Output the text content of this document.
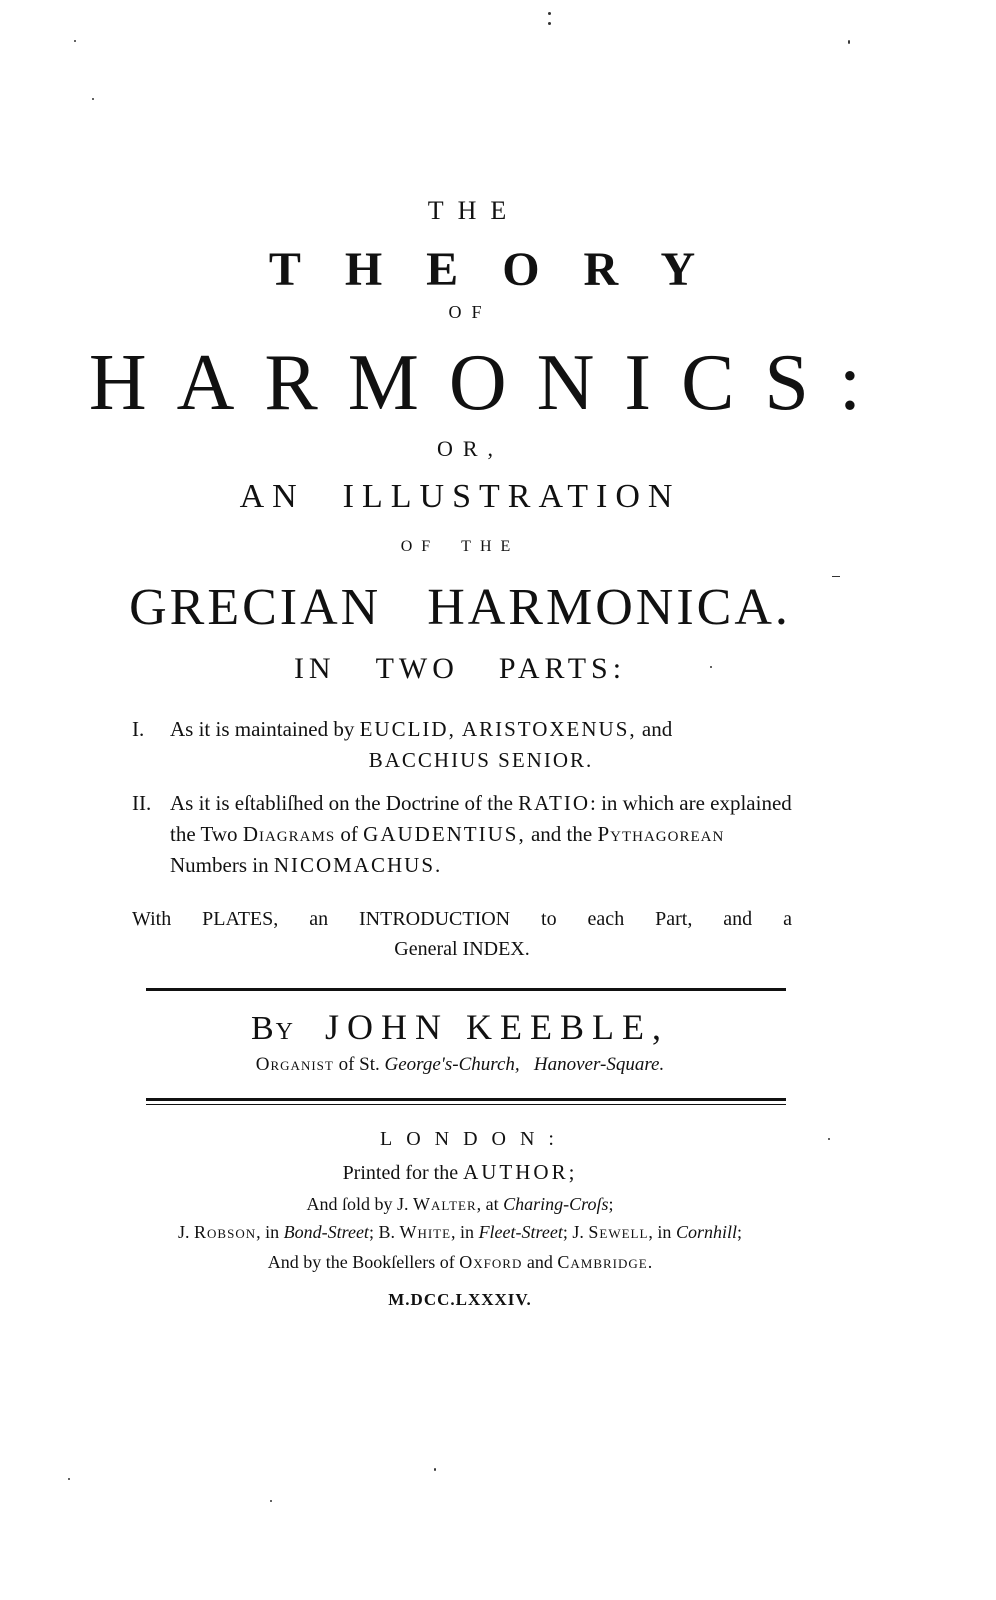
THE
THEORY
OF
HARMONICS:
OR,
AN ILLUSTRATION
OF THE
GRECIAN HARMONICA.
IN TWO PARTS:
I. As it is maintained by EUCLID, ARISTOXENUS, and
BACCHIUS SENIOR.
II. As it is eſtabliſhed on the Doctrine of the RATIO: in which are explained the Two Diagrams of GAUDENTIUS, and the Pythagorean Numbers in NICOMACHUS.
With PLATES, an INTRODUCTION to each Part, and a
General INDEX.
By JOHN KEEBLE,
Organist of St. George's-Church, Hanover-Square.
LONDON:
Printed for the AUTHOR;
And ſold by J. Walter, at Charing-Croſs;
J. Robson, in Bond-Street; B. White, in Fleet-Street; J. Sewell, in Cornhill;
And by the Bookſellers of Oxford and Cambridge.
M.DCC.LXXXIV.
